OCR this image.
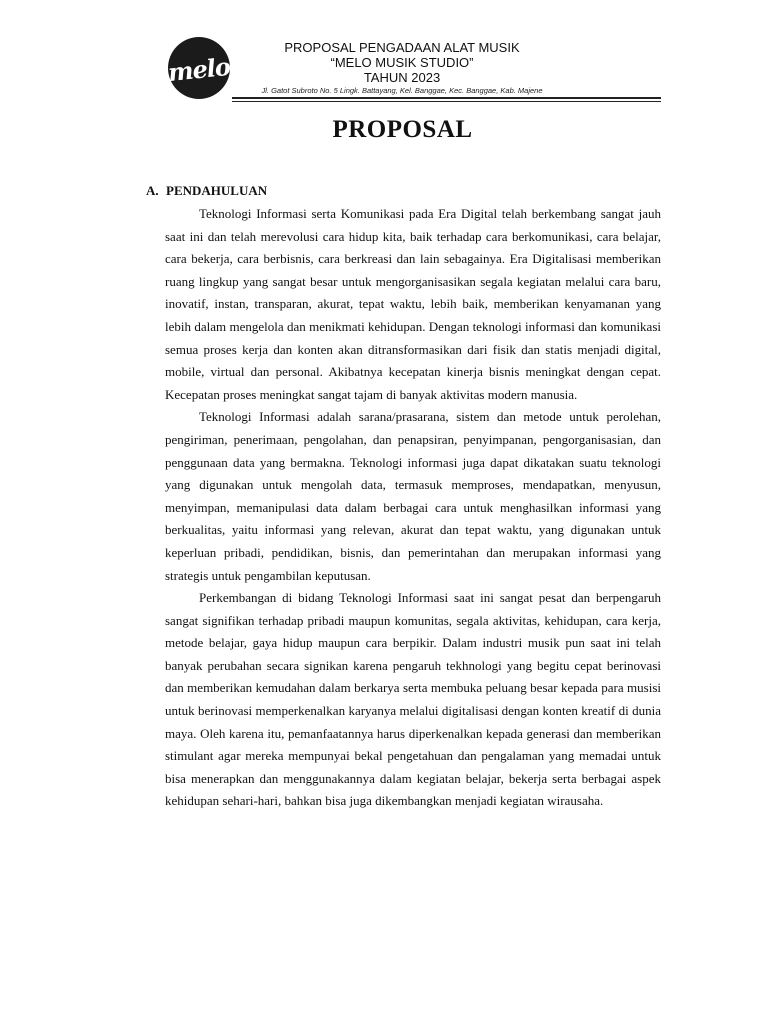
melo
PROPOSAL PENGADAAN ALAT MUSIK
“MELO MUSIK STUDIO”
TAHUN 2023
Jl. Gatot Subroto No. 5 Lingk. Battayang, Kel. Banggae, Kec. Banggae, Kab. Majene
PROPOSAL
A. PENDAHULUAN

Teknologi Informasi serta Komunikasi pada Era Digital telah berkembang sangat jauh saat ini dan telah merevolusi cara hidup kita, baik terhadap cara berkomunikasi, cara belajar, cara bekerja, cara berbisnis, cara berkreasi dan lain sebagainya. Era Digitalisasi memberikan ruang lingkup yang sangat besar untuk mengorganisasikan segala kegiatan melalui cara baru, inovatif, instan, transparan, akurat, tepat waktu, lebih baik, memberikan kenyamanan yang lebih dalam mengelola dan menikmati kehidupan. Dengan teknologi informasi dan komunikasi semua proses kerja dan konten akan ditransformasikan dari fisik dan statis menjadi digital, mobile, virtual dan personal. Akibatnya kecepatan kinerja bisnis meningkat dengan cepat. Kecepatan proses meningkat sangat tajam di banyak aktivitas modern manusia.

Teknologi Informasi adalah sarana/prasarana, sistem dan metode untuk perolehan, pengiriman, penerimaan, pengolahan, dan penapsiran, penyimpanan, pengorganisasian, dan penggunaan data yang bermakna. Teknologi informasi juga dapat dikatakan suatu teknologi yang digunakan untuk mengolah data, termasuk memproses, mendapatkan, menyusun, menyimpan, memanipulasi data dalam berbagai cara untuk menghasilkan informasi yang berkualitas, yaitu informasi yang relevan, akurat dan tepat waktu, yang digunakan untuk keperluan pribadi, pendidikan, bisnis, dan pemerintahan dan merupakan informasi yang strategis untuk pengambilan keputusan.

Perkembangan di bidang Teknologi Informasi saat ini sangat pesat dan berpengaruh sangat signifikan terhadap pribadi maupun komunitas, segala aktivitas, kehidupan, cara kerja, metode belajar, gaya hidup maupun cara berpikir. Dalam industri musik pun saat ini telah banyak perubahan secara signikan karena pengaruh tekhnologi yang begitu cepat berinovasi dan memberikan kemudahan dalam berkarya serta membuka peluang besar kepada para musisi untuk berinovasi memperkenalkan karyanya melalui digitalisasi dengan konten kreatif di dunia maya. Oleh karena itu, pemanfaatannya harus diperkenalkan kepada generasi dan memberikan stimulant agar mereka mempunyai bekal pengetahuan dan pengalaman yang memadai untuk bisa menerapkan dan menggunakannya dalam kegiatan belajar, bekerja serta berbagai aspek kehidupan sehari-hari, bahkan bisa juga dikembangkan menjadi kegiatan wirausaha.
